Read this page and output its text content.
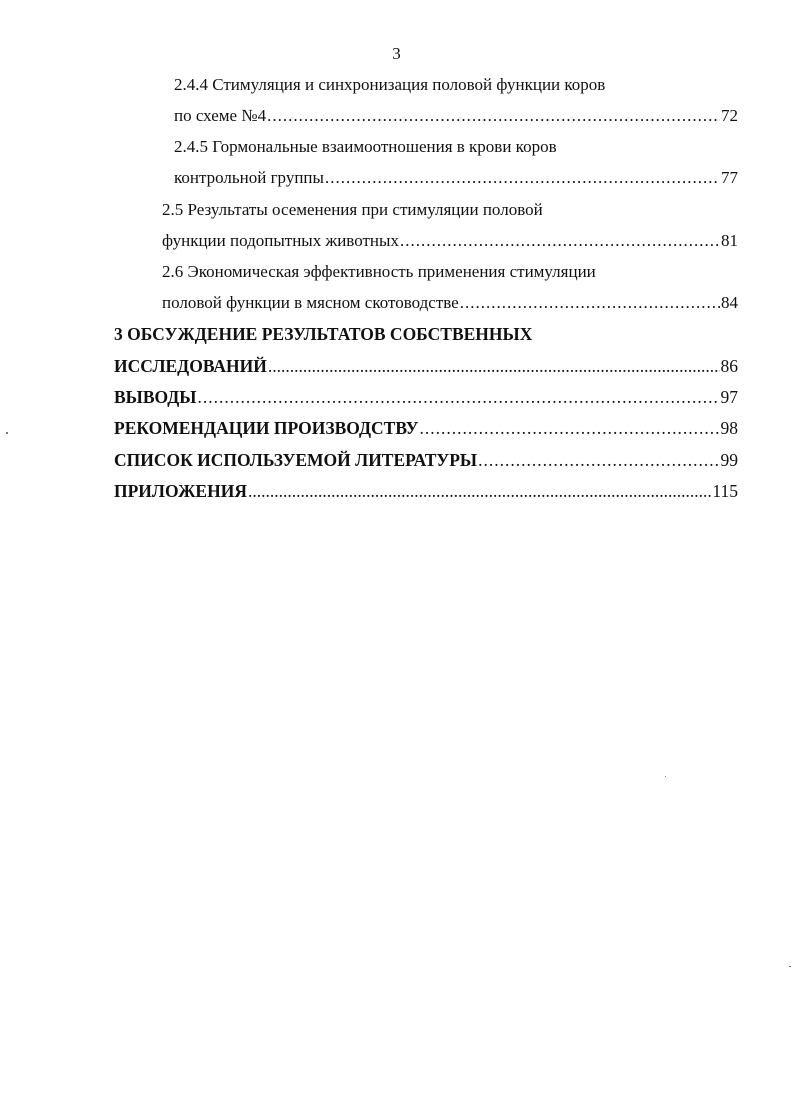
3
2.4.4 Стимуляция и синхронизация половой функции коров
по схеме №4 .....	72
2.4.5 Гормональные взаимоотношения в крови коров
контрольной группы .....	77
2.5 Результаты осеменения при стимуляции половой
функции подопытных животных .....	81
2.6 Экономическая эффективность применения стимуляции
половой функции в мясном скотоводстве .....	84
3 ОБСУЖДЕНИЕ РЕЗУЛЬТАТОВ СОБСТВЕННЫХ
ИССЛЕДОВАНИЙ .....	86
ВЫВОДЫ .....	97
РЕКОМЕНДАЦИИ ПРОИЗВОДСТВУ .....	98
СПИСОК ИСПОЛЬЗУЕМОЙ ЛИТЕРАТУРЫ .....	99
ПРИЛОЖЕНИЯ .....	115
